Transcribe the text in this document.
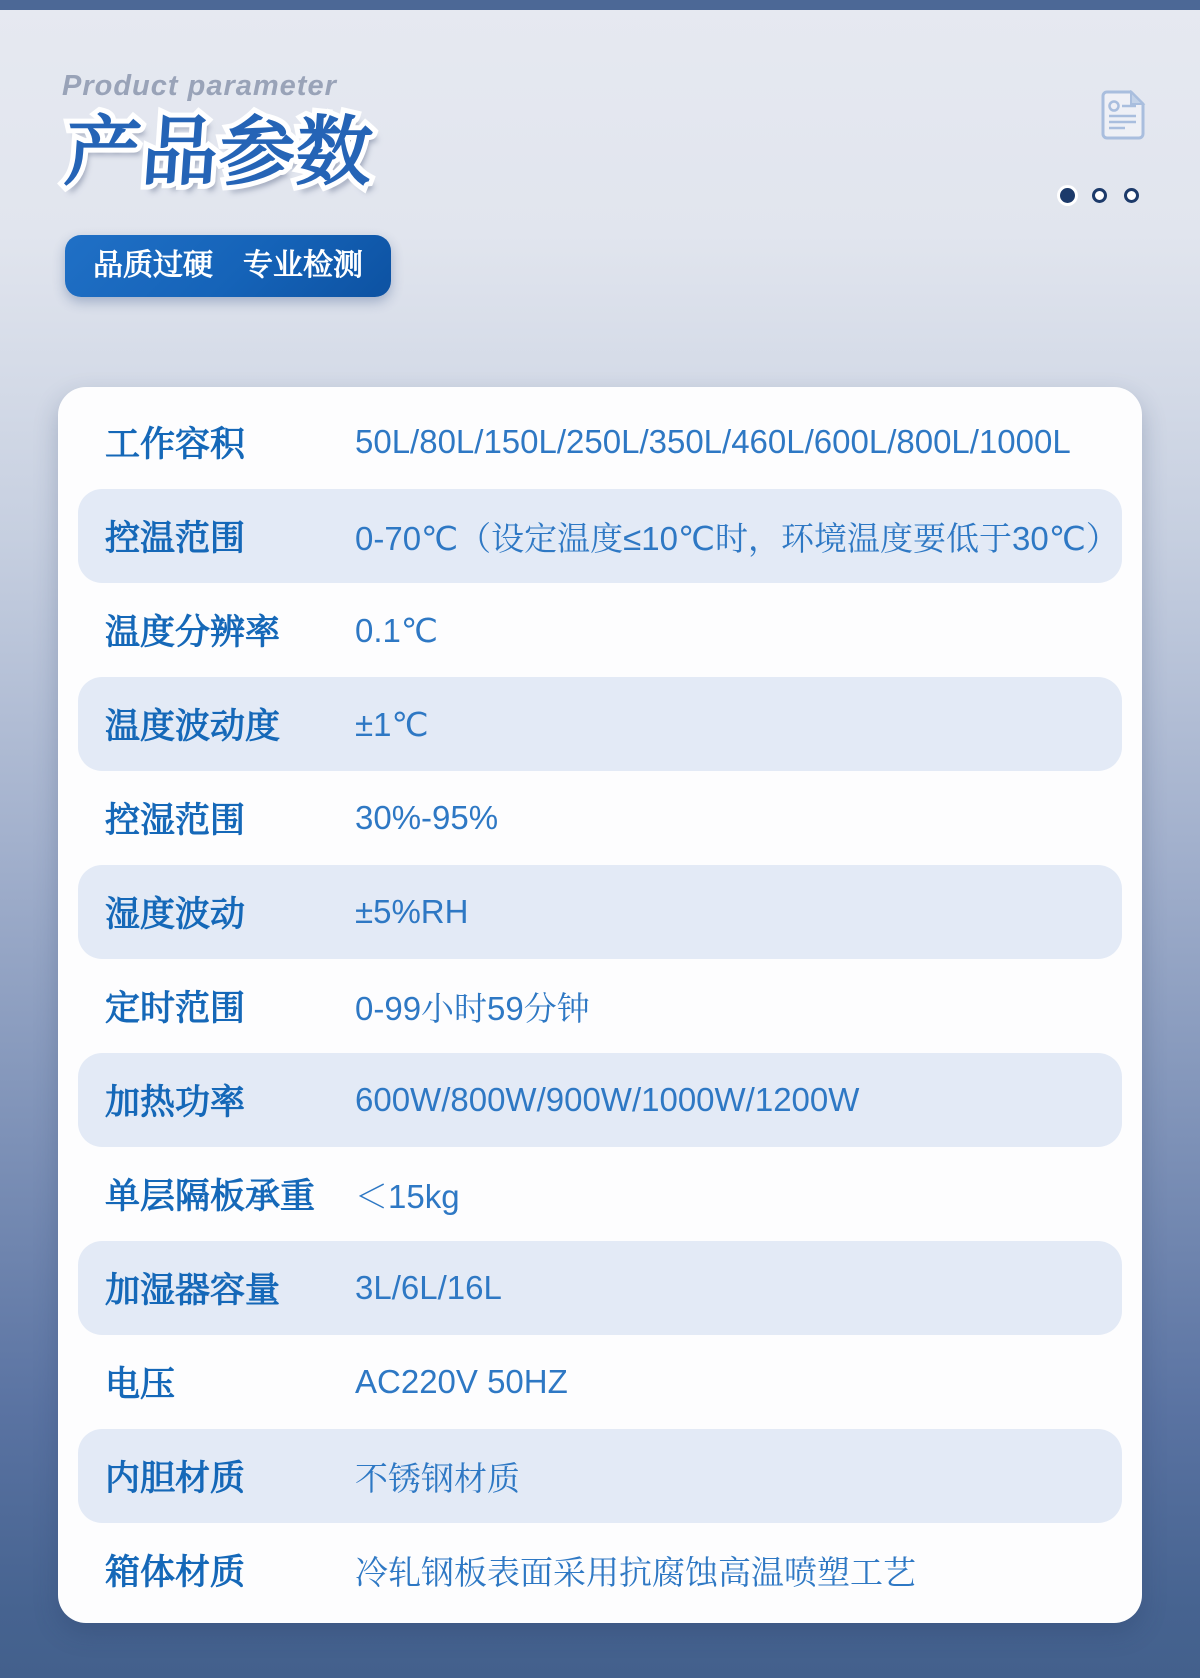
Product parameter
产品参数 产品参数
品质过硬 专业检测
工作容积	50L/80L/150L/250L/350L/460L/600L/800L/1000L
控温范围	0-70℃（设定温度≤10℃时，环境温度要低于30℃）
温度分辨率	0.1℃
温度波动度	±1℃
控湿范围	30%-95%
湿度波动	±5%RH
定时范围	0-99小时59分钟
加热功率	600W/800W/900W/1000W/1200W
单层隔板承重	＜15kg
加湿器容量	3L/6L/16L
电压	AC220V 50HZ
内胆材质	不锈钢材质
箱体材质	冷轧钢板表面采用抗腐蚀高温喷塑工艺
